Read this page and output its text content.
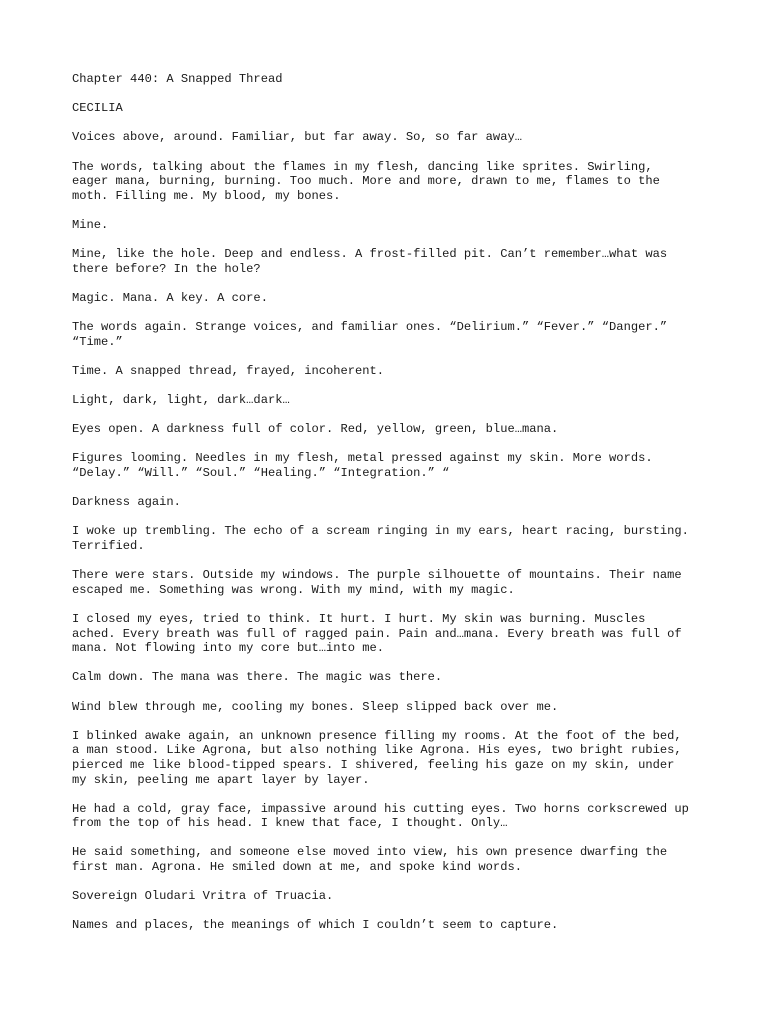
Chapter 440: A Snapped Thread

CECILIA

Voices above, around. Familiar, but far away. So, so far away…

The words, talking about the flames in my flesh, dancing like sprites. Swirling, eager mana, burning, burning. Too much. More and more, drawn to me, flames to the moth. Filling me. My blood, my bones.

Mine.

Mine, like the hole. Deep and endless. A frost-filled pit. Can’t remember…what was there before? In the hole?

Magic. Mana. A key. A core.

The words again. Strange voices, and familiar ones. “Delirium.” “Fever.” “Danger.” “Time.”

Time. A snapped thread, frayed, incoherent.

Light, dark, light, dark…dark…

Eyes open. A darkness full of color. Red, yellow, green, blue…mana.

Figures looming. Needles in my flesh, metal pressed against my skin. More words. “Delay.” “Will.” “Soul.” “Healing.” “Integration.” “

Darkness again.

I woke up trembling. The echo of a scream ringing in my ears, heart racing, bursting. Terrified.

There were stars. Outside my windows. The purple silhouette of mountains. Their name escaped me. Something was wrong. With my mind, with my magic.

I closed my eyes, tried to think. It hurt. I hurt. My skin was burning. Muscles ached. Every breath was full of ragged pain. Pain and…mana. Every breath was full of mana. Not flowing into my core but…into me.

Calm down. The mana was there. The magic was there.

Wind blew through me, cooling my bones. Sleep slipped back over me.

I blinked awake again, an unknown presence filling my rooms. At the foot of the bed, a man stood. Like Agrona, but also nothing like Agrona. His eyes, two bright rubies, pierced me like blood-tipped spears. I shivered, feeling his gaze on my skin, under my skin, peeling me apart layer by layer.

He had a cold, gray face, impassive around his cutting eyes. Two horns corkscrewed up from the top of his head. I knew that face, I thought. Only…

He said something, and someone else moved into view, his own presence dwarfing the first man. Agrona. He smiled down at me, and spoke kind words.

Sovereign Oludari Vritra of Truacia.

Names and places, the meanings of which I couldn’t seem to capture.
